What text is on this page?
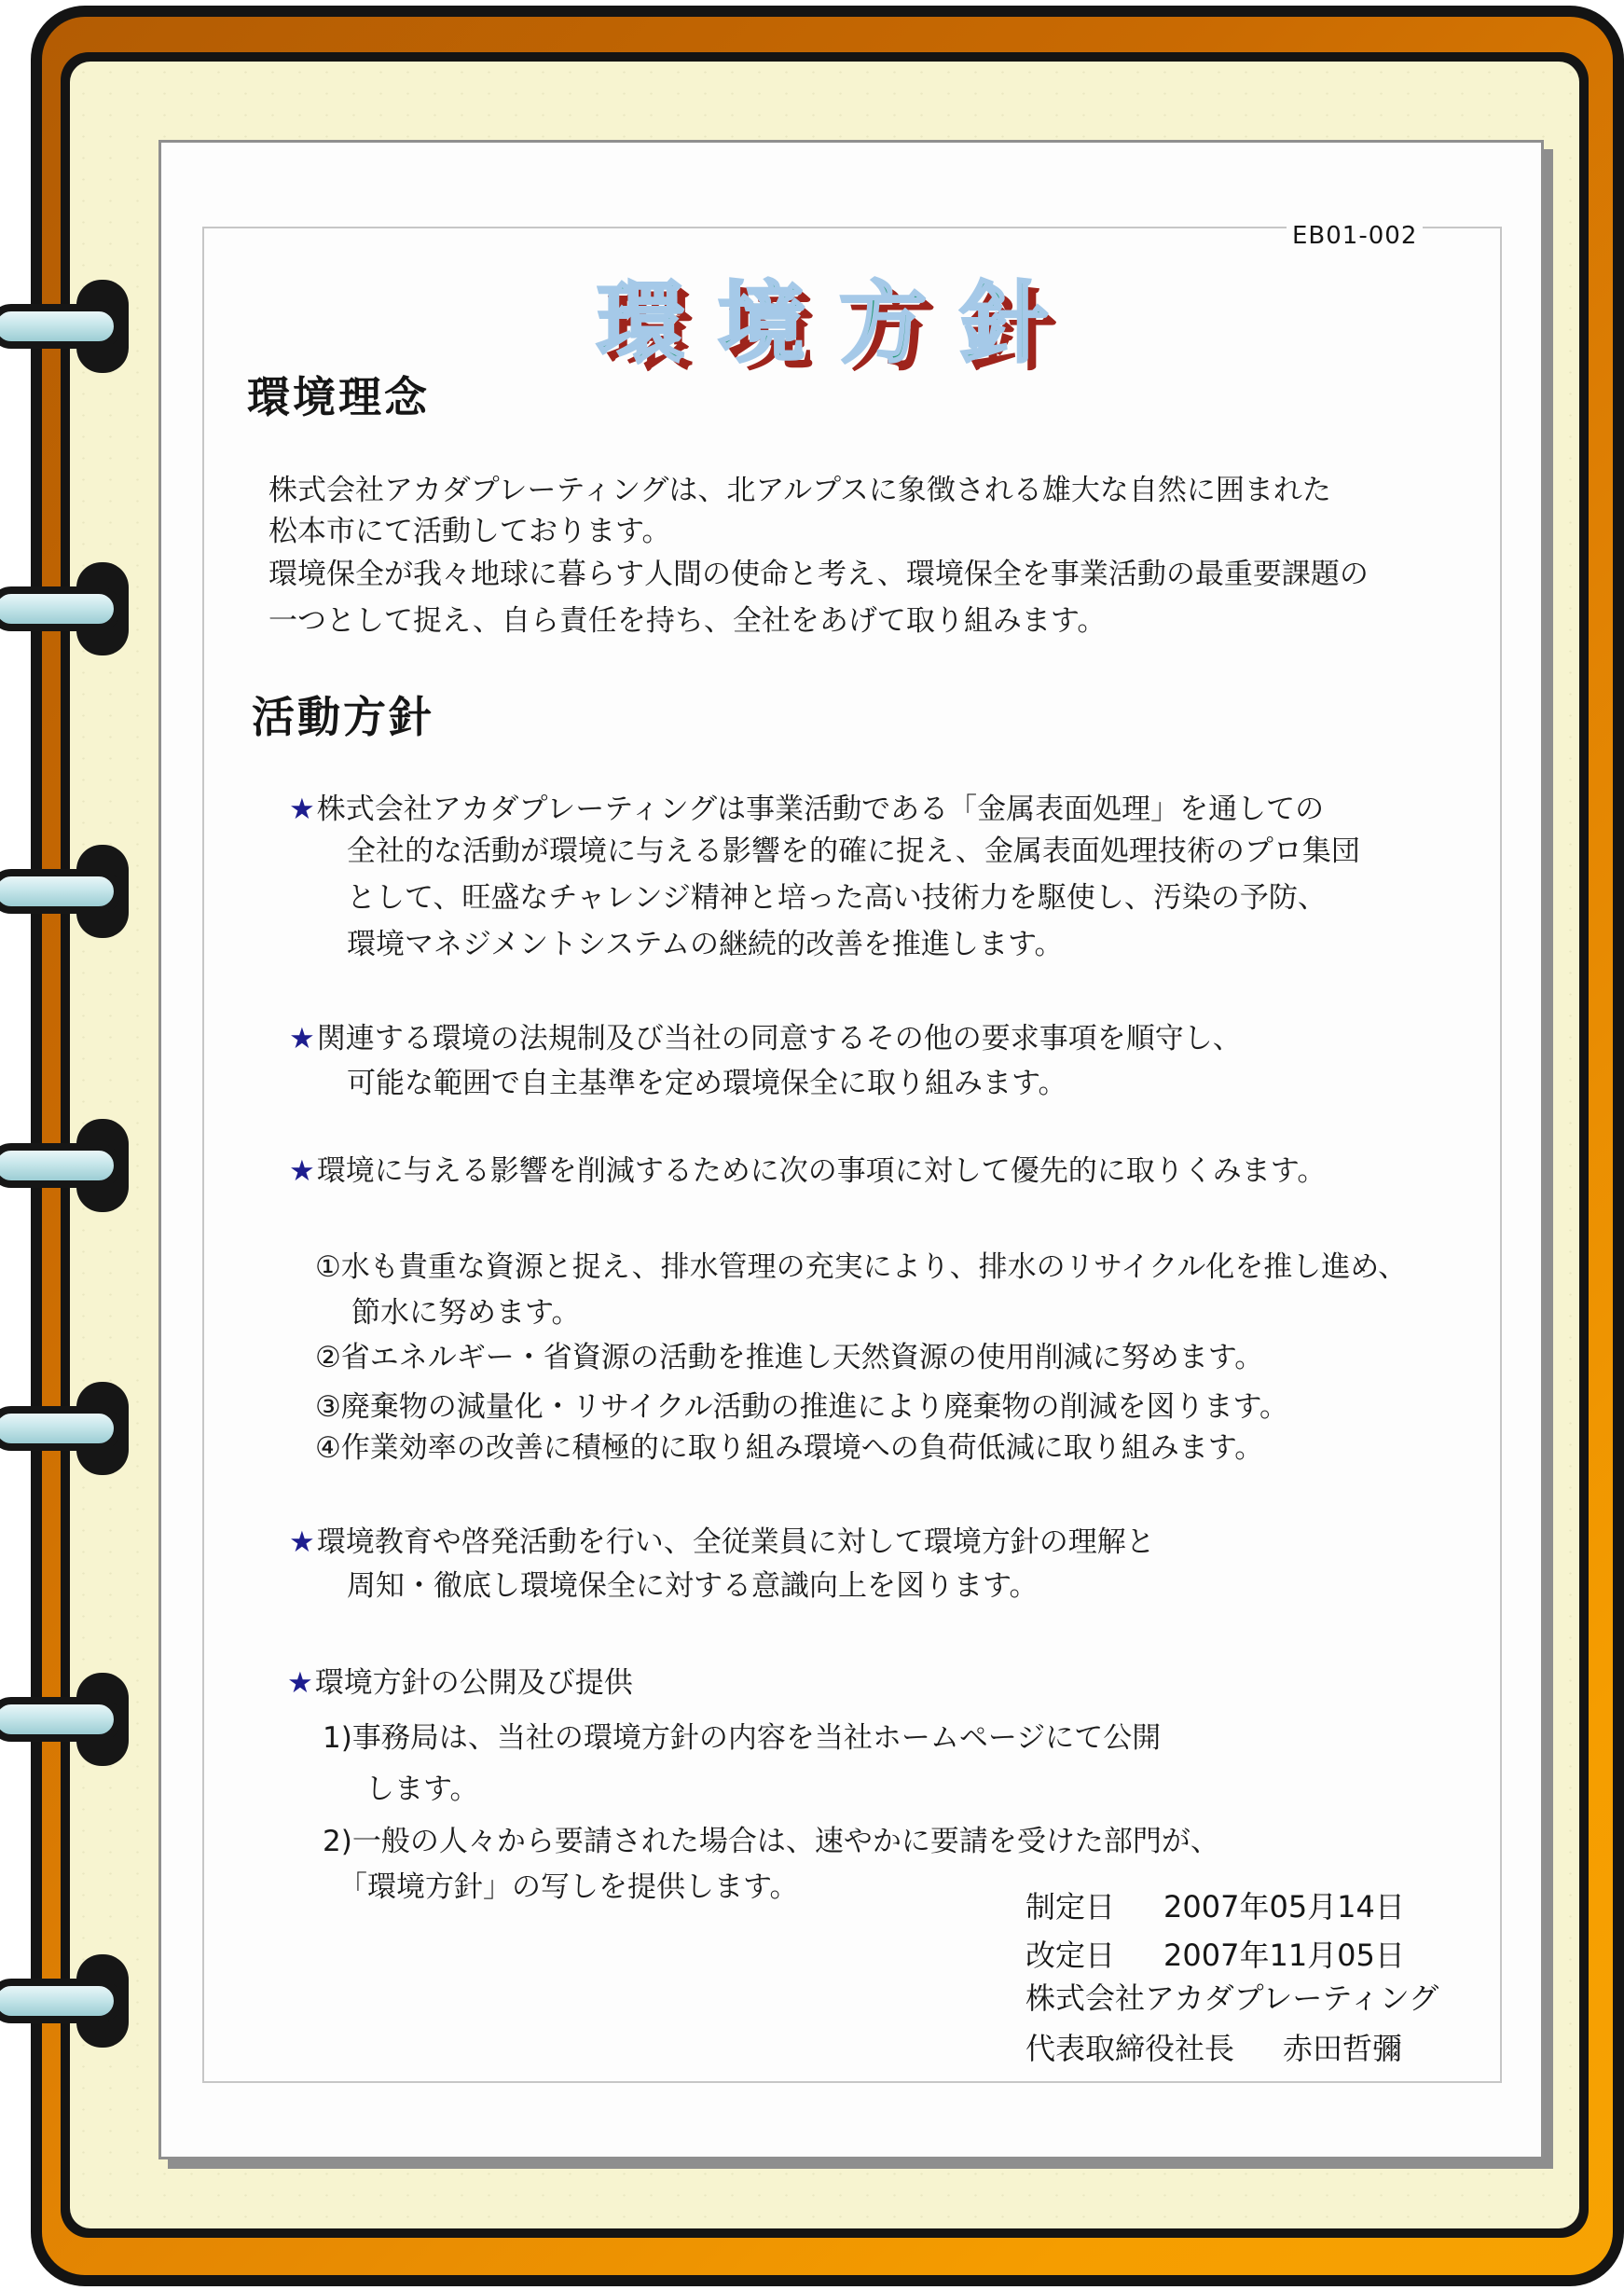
EB01-002
環境方針
環境理念
株式会社アカダプレーティングは、北アルプスに象徴される雄大な自然に囲まれた
松本市にて活動しております。
環境保全が我々地球に暮らす人間の使命と考え、環境保全を事業活動の最重要課題の
一つとして捉え、自ら責任を持ち、全社をあげて取り組みます。
活動方針
★株式会社アカダプレーティングは事業活動である「金属表面処理」を通しての
全社的な活動が環境に与える影響を的確に捉え、金属表面処理技術のプロ集団
として、旺盛なチャレンジ精神と培った高い技術力を駆使し、汚染の予防、
環境マネジメントシステムの継続的改善を推進します。
★関連する環境の法規制及び当社の同意するその他の要求事項を順守し、
可能な範囲で自主基準を定め環境保全に取り組みます。
★環境に与える影響を削減するために次の事項に対して優先的に取りくみます。
①水も貴重な資源と捉え、排水管理の充実により、排水のリサイクル化を推し進め、
節水に努めます。
②省エネルギー・省資源の活動を推進し天然資源の使用削減に努めます。
③廃棄物の減量化・リサイクル活動の推進により廃棄物の削減を図ります。
④作業効率の改善に積極的に取り組み環境への負荷低減に取り組みます。
★環境教育や啓発活動を行い、全従業員に対して環境方針の理解と
周知・徹底し環境保全に対する意識向上を図ります。
★環境方針の公開及び提供
1)事務局は、当社の環境方針の内容を当社ホームページにて公開
します。
2)一般の人々から要請された場合は、速やかに要請を受けた部門が、
「環境方針」の写しを提供します。
制定日 2007年05月14日
改定日 2007年11月05日
株式会社アカダプレーティング
代表取締役社長 赤田哲彌
